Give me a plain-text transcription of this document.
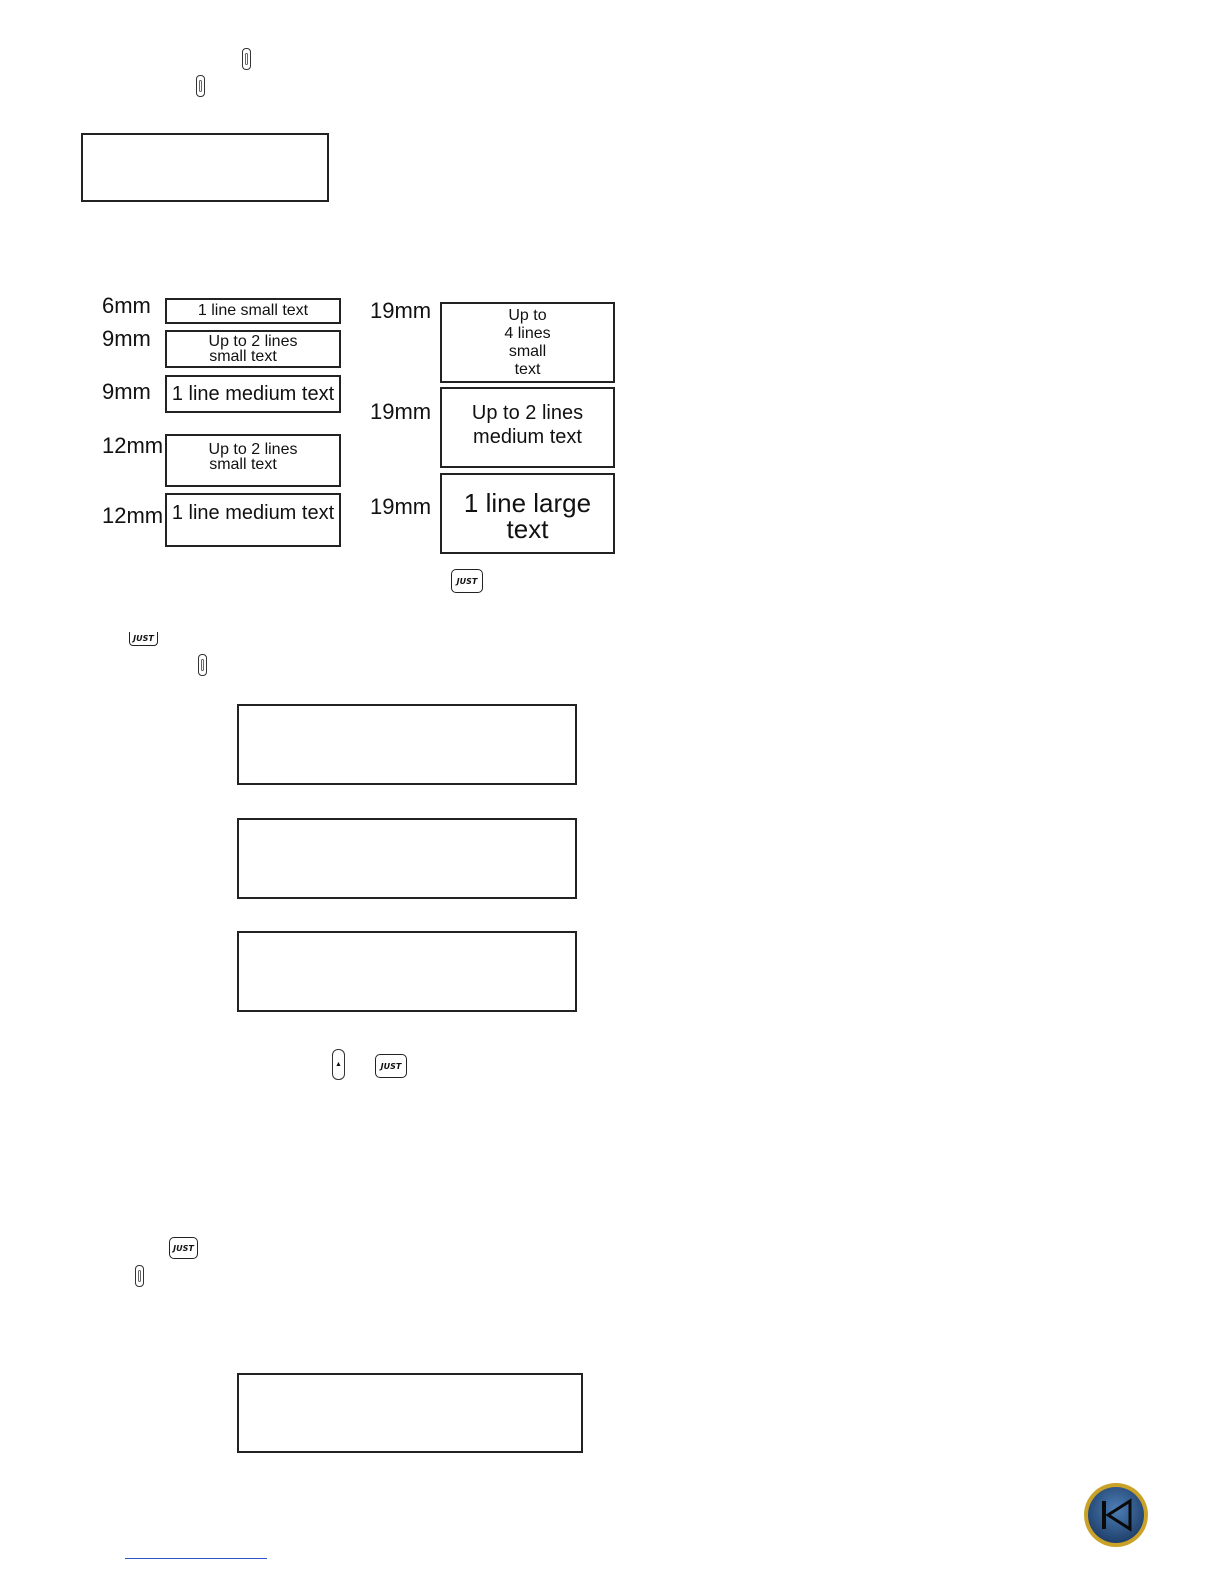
6mm	1 line small text
9mm	Up to 2 lines
small text
9mm 1 line medium text
12mm	Up to 2 lines
small text
12mm 1 line medium text
19mm	Up to
4 lines
small
text
19mm Up to 2 lines
medium text
19mm	1 line large text
JUST
JUST
▲	JUST
JUST
